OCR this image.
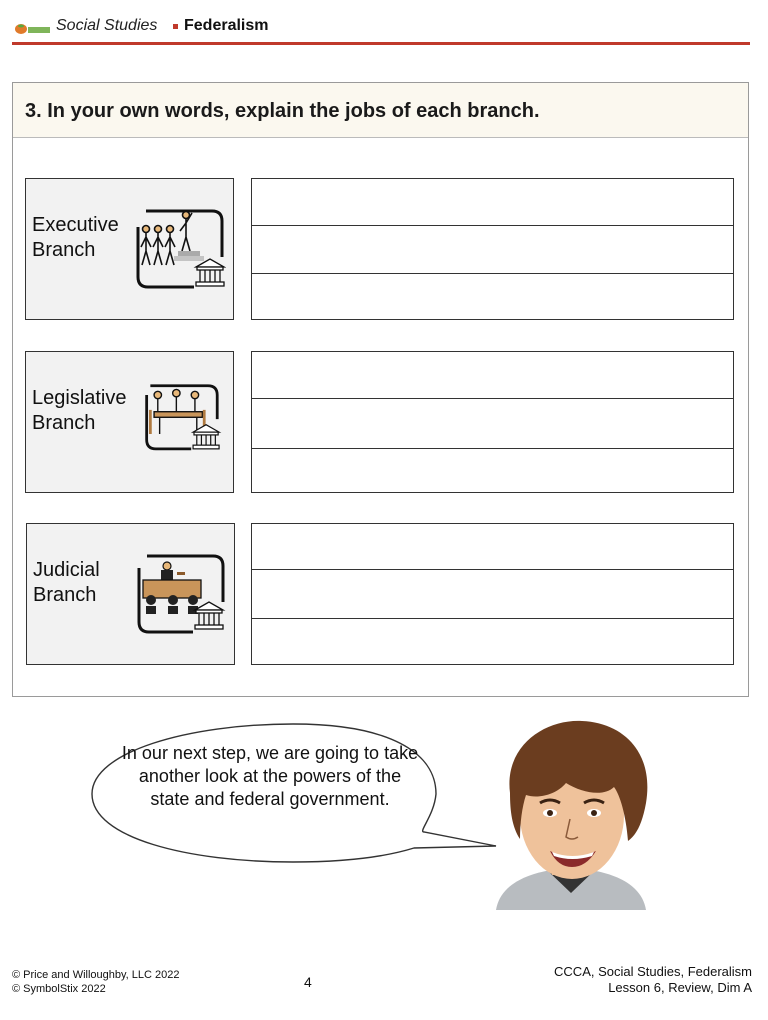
Social Studies Federalism
3. In your own words, explain the jobs of each branch.
Executive
Branch
Legislative
Branch
Judicial
Branch
In our next step, we are going to take another look at the powers of the state and federal government.
© Price and Willoughby, LLC 2022
© SymbolStix 2022	4
CCCA, Social Studies, Federalism
Lesson 6, Review, Dim A
